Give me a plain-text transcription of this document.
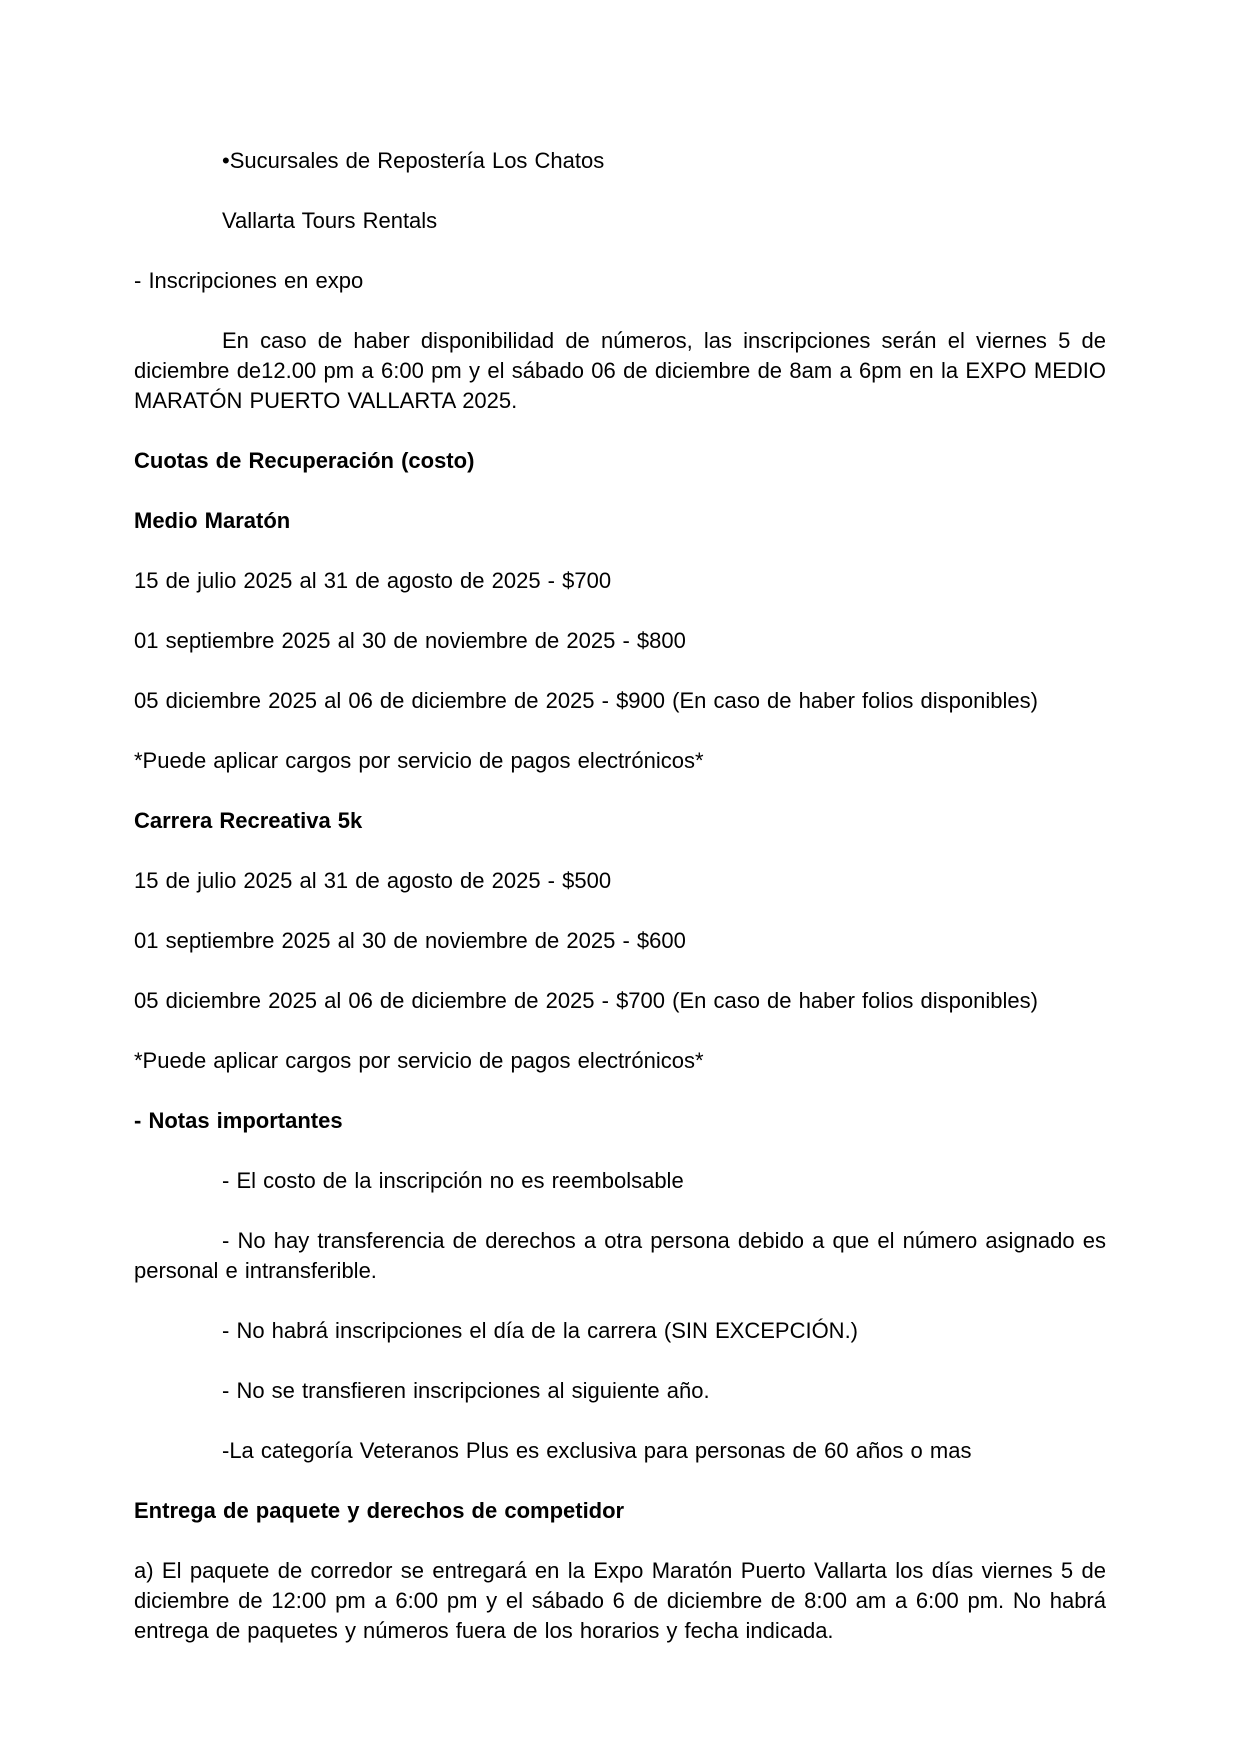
•Sucursales de Repostería Los Chatos

Vallarta Tours Rentals

- Inscripciones en expo

En caso de haber disponibilidad de números, las inscripciones serán el viernes 5 de diciembre de12.00 pm a 6:00 pm y el sábado 06 de diciembre de 8am a 6pm en la EXPO MEDIO MARATÓN PUERTO VALLARTA 2025.

Cuotas de Recuperación (costo)

Medio Maratón

15 de julio 2025 al 31 de agosto de 2025 - $700

01 septiembre 2025 al 30 de noviembre de 2025 - $800

05 diciembre 2025 al 06 de diciembre de 2025 - $900 (En caso de haber folios disponibles)

*Puede aplicar cargos por servicio de pagos electrónicos*

Carrera Recreativa 5k

15 de julio 2025 al 31 de agosto de 2025 - $500

01 septiembre 2025 al 30 de noviembre de 2025 - $600

05 diciembre 2025 al 06 de diciembre de 2025 - $700 (En caso de haber folios disponibles)

*Puede aplicar cargos por servicio de pagos electrónicos*

- Notas importantes

- El costo de la inscripción no es reembolsable

- No hay transferencia de derechos a otra persona debido a que el número asignado es personal e intransferible.

- No habrá inscripciones el día de la carrera (SIN EXCEPCIÓN.)

- No se transfieren inscripciones al siguiente año.

-La categoría Veteranos Plus es exclusiva para personas de 60 años o mas

Entrega de paquete y derechos de competidor

a) El paquete de corredor se entregará en la Expo Maratón Puerto Vallarta los días viernes 5 de diciembre de 12:00 pm a 6:00 pm y el sábado 6 de diciembre de 8:00 am a 6:00 pm. No habrá entrega de paquetes y números fuera de los horarios y fecha indicada.
